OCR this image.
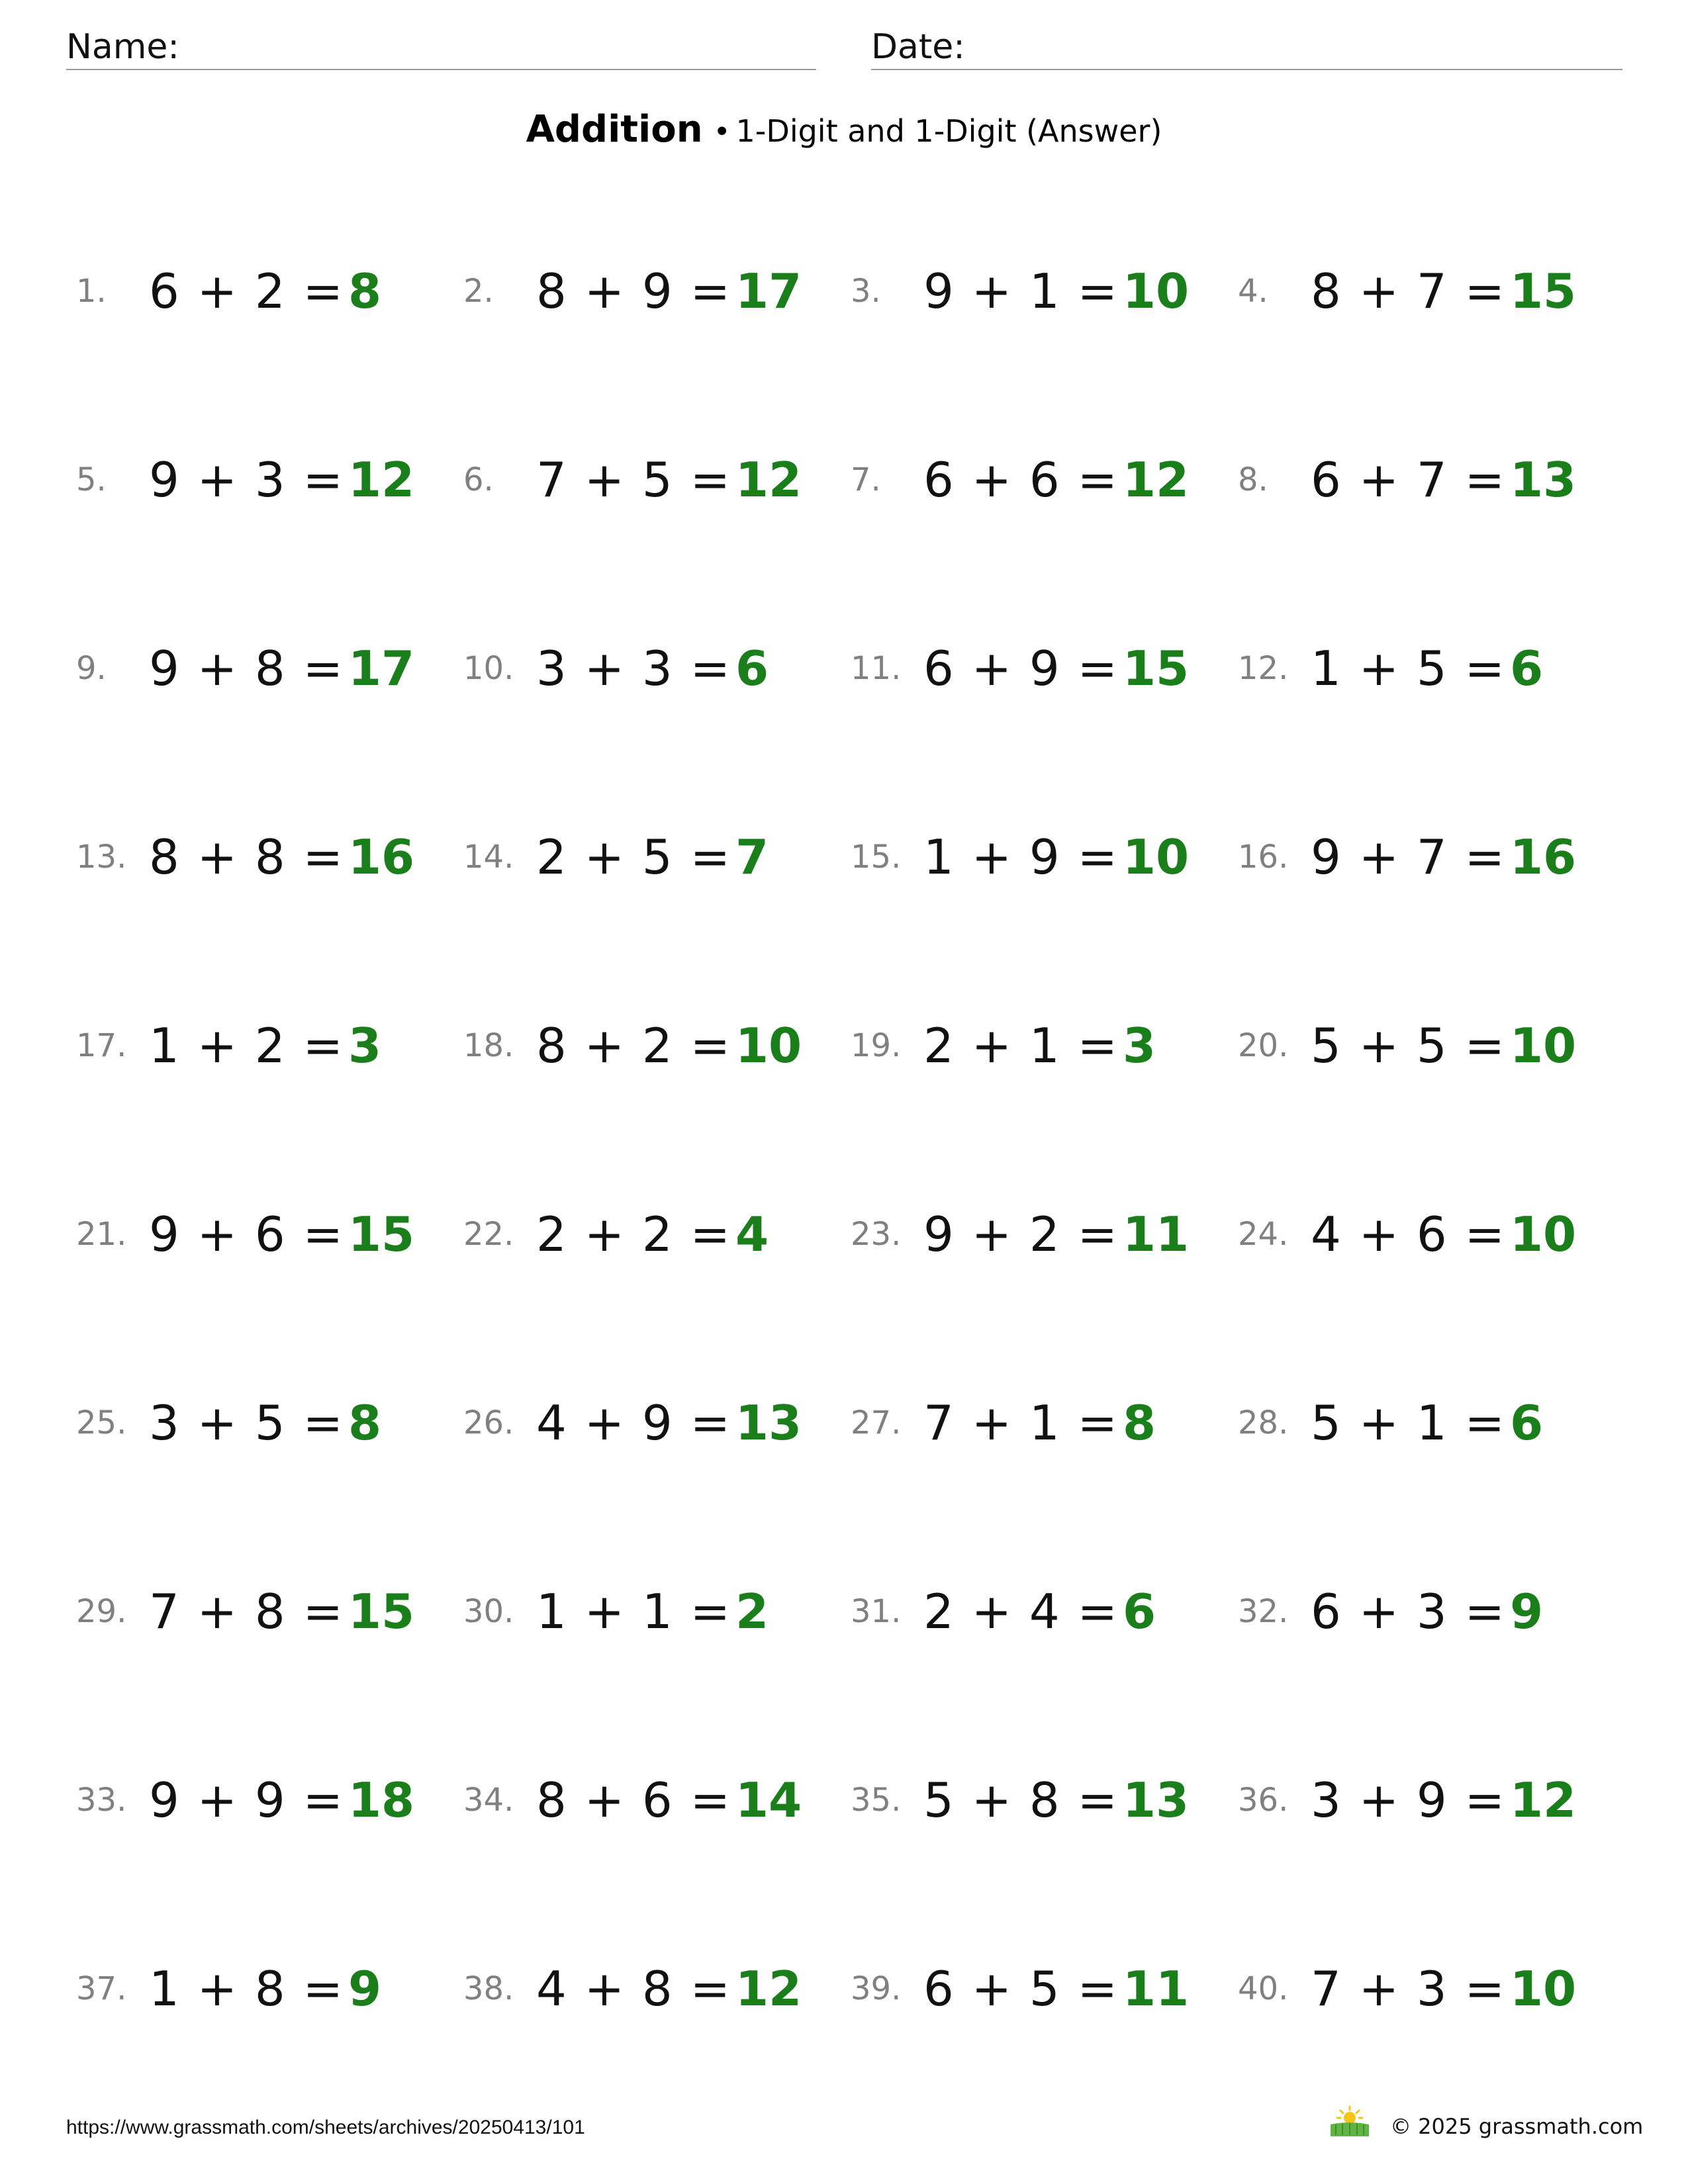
Name:	Date:
Addition • 1-Digit and 1-Digit (Answer)
1. 6 + 2 = 8	2. 8 + 9 = 17 3. 9 + 1 = 10 4. 8 + 7 = 15
5. 9 + 3 = 12 6. 7 + 5 = 12 7. 6 + 6 = 12 8. 6 + 7 = 13
9. 9 + 8 = 17 10. 3 + 3 = 6	11. 6 + 9 = 15 12. 1 + 5 = 6
13. 8 + 8 = 16 14. 2 + 5 = 7	15. 1 + 9 = 10 16. 9 + 7 = 16
17. 1 + 2 = 3	18. 8 + 2 = 10 19. 2 + 1 = 3	20. 5 + 5 = 10
21. 9 + 6 = 15 22. 2 + 2 = 4	23. 9 + 2 = 11 24. 4 + 6 = 10
25. 3 + 5 = 8	26. 4 + 9 = 13 27. 7 + 1 = 8	28. 5 + 1 = 6
29. 7 + 8 = 15 30. 1 + 1 = 2	31. 2 + 4 = 6	32. 6 + 3 = 9
33. 9 + 9 = 18 34. 8 + 6 = 14 35. 5 + 8 = 13 36. 3 + 9 = 12
37. 1 + 8 = 9	38. 4 + 8 = 12 39. 6 + 5 = 11 40. 7 + 3 = 10
https://www.grassmath.com/sheets/archives/20250413/101	© 2025 grassmath.com
